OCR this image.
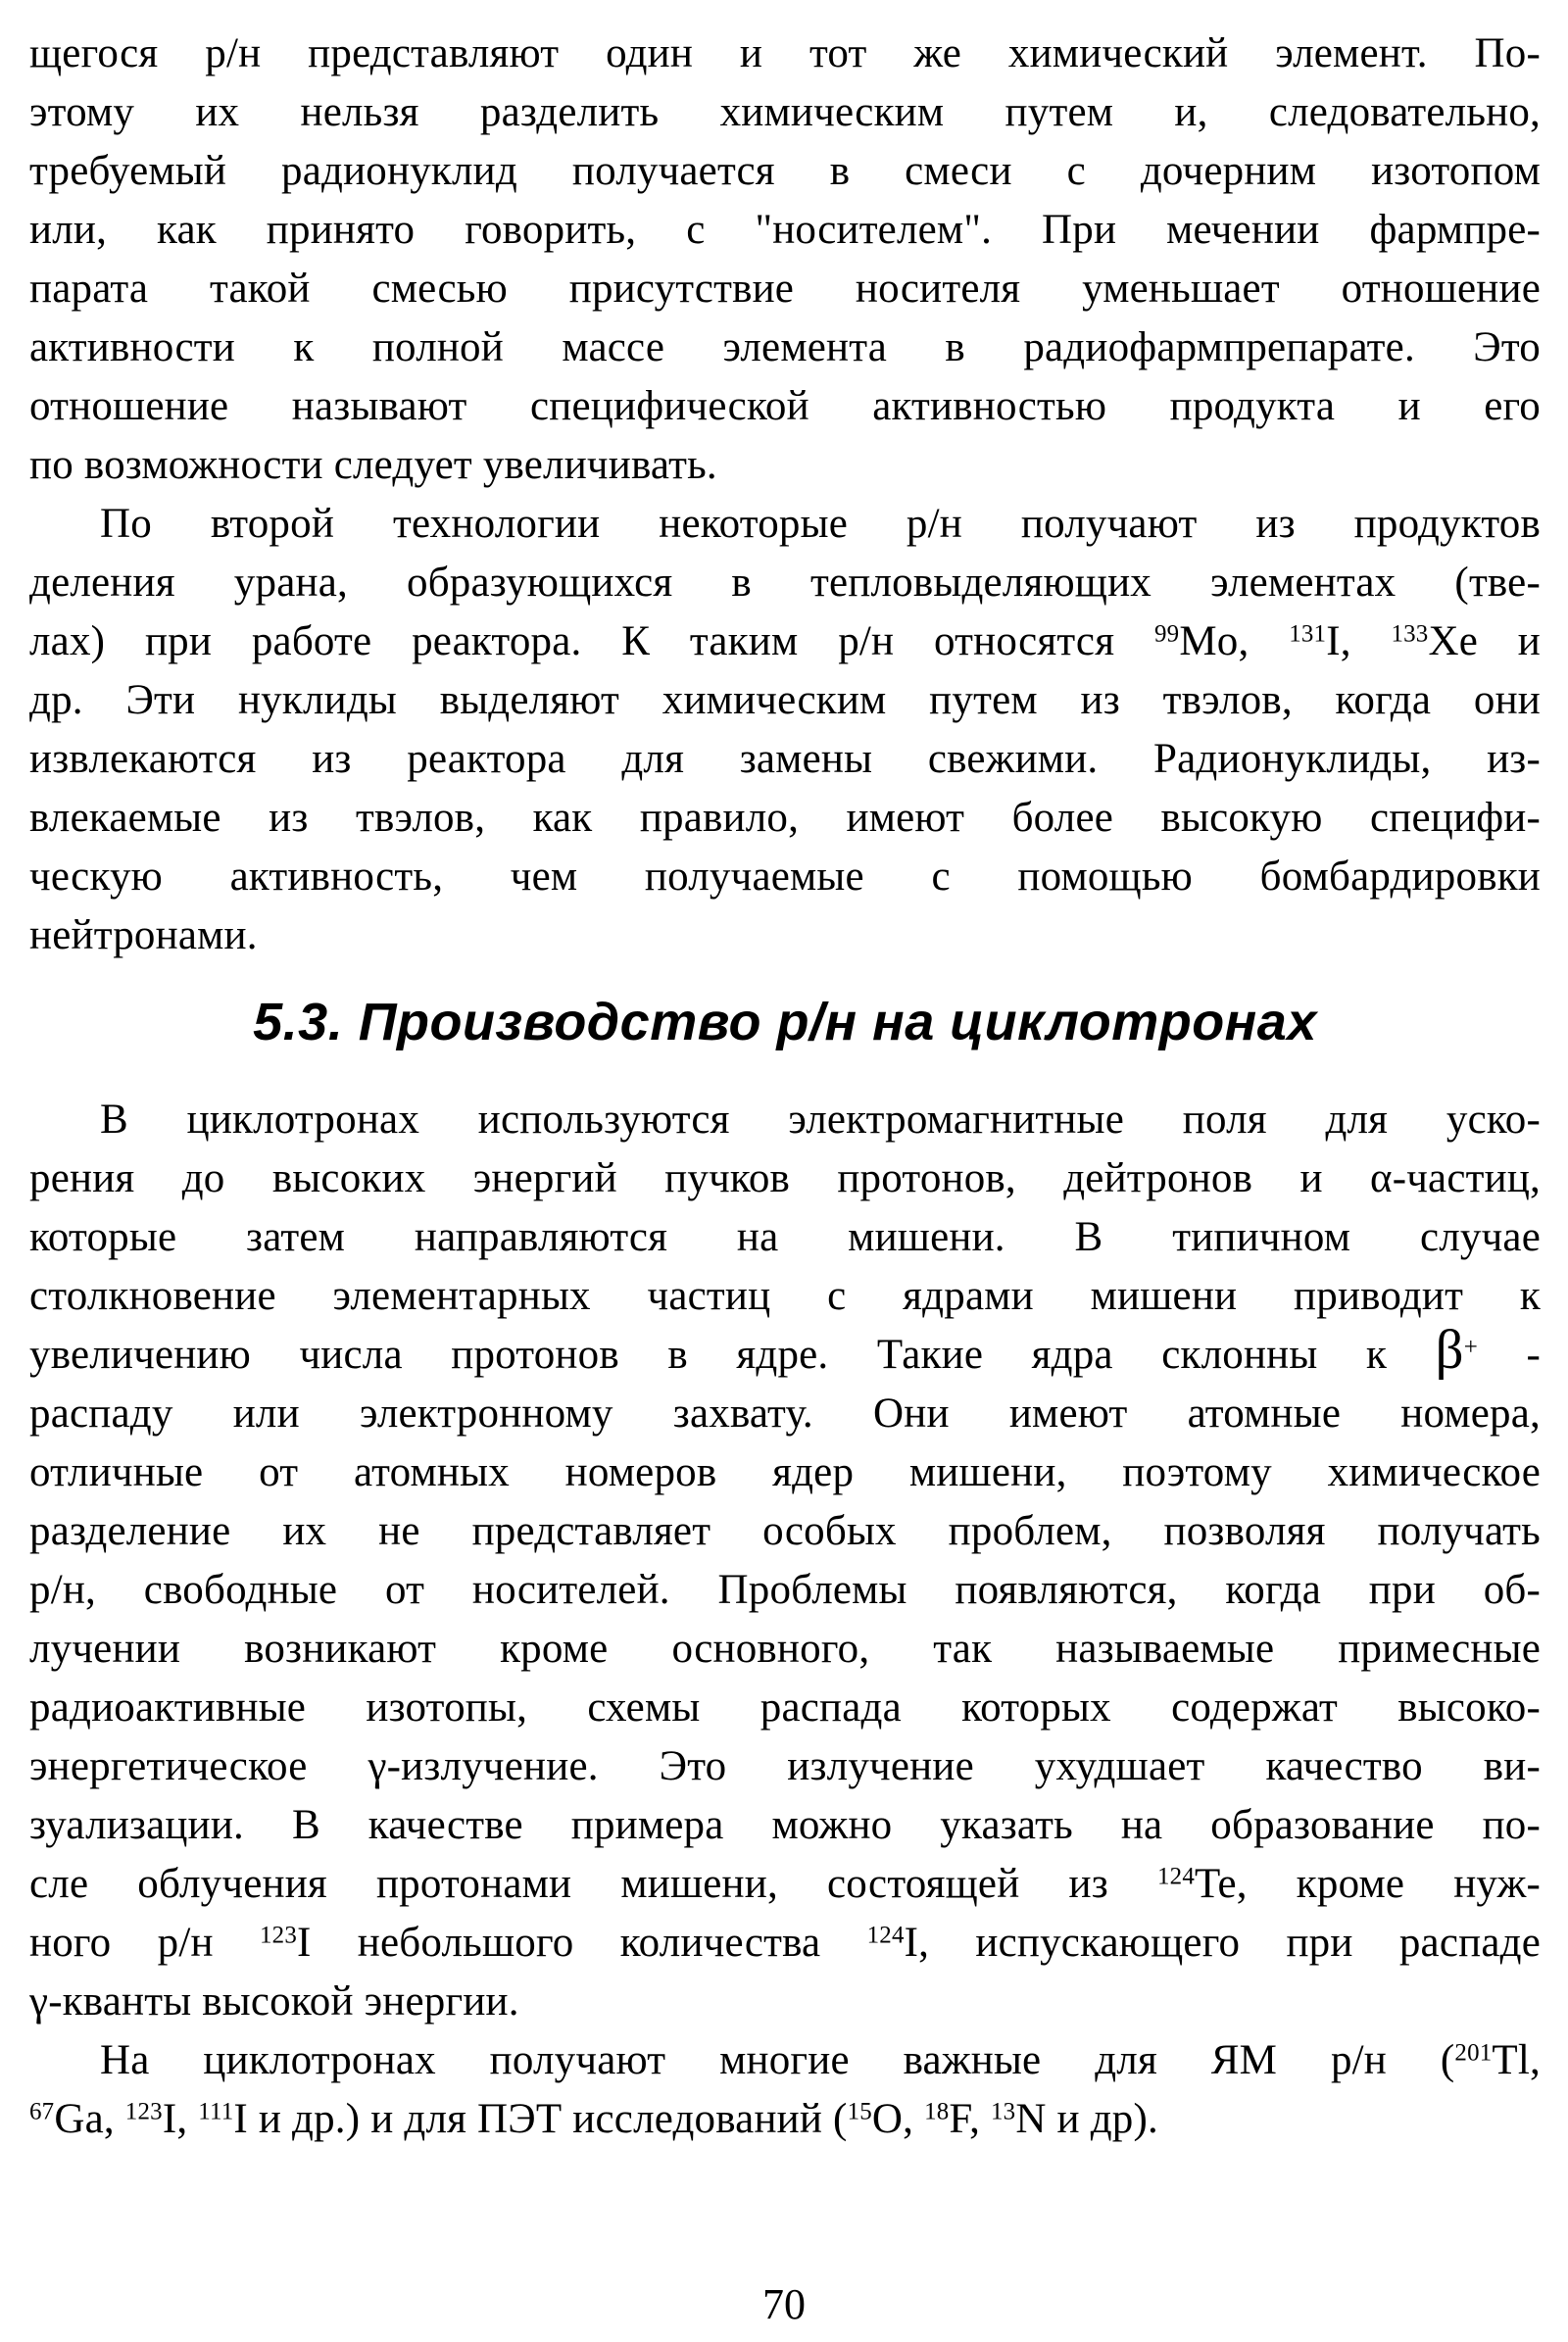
щегося р/н представляют один и тот же химический элемент. По-
этому их нельзя разделить химическим путем и, следовательно,
требуемый радионуклид получается в смеси с дочерним изотопом
или, как принято говорить, с "носителем". При мечении фармпре-
парата такой смесью присутствие носителя уменьшает отношение
активности к полной массе элемента в радиофармпрепарате. Это
отношение называют специфической активностью продукта и его
по возможности следует увеличивать.
По второй технологии некоторые р/н получают из продуктов
деления урана, образующихся в тепловыделяющих элементах (тве-
лах) при работе реактора. К таким р/н относятся $^{99}$Mo, $^{131}$I, $^{133}$Xe и
др. Эти нуклиды выделяют химическим путем из твэлов, когда они
извлекаются из реактора для замены свежими. Радионуклиды, из-
влекаемые из твэлов, как правило, имеют более высокую специфи-
ческую активность, чем получаемые с помощью бомбардировки
нейтронами.
5.3. Производство р/н на циклотронах
В циклотронах используются электромагнитные поля для уско-
рения до высоких энергий пучков протонов, дейтронов и α-частиц,
которые затем направляются на мишени. В типичном случае
столкновение элементарных частиц с ядрами мишени приводит к
увеличению числа протонов в ядре. Такие ядра склонны к β+ -
распаду или электронному захвату. Они имеют атомные номера,
отличные от атомных номеров ядер мишени, поэтому химическое
разделение их не представляет особых проблем, позволяя получать
р/н, свободные от носителей. Проблемы появляются, когда при об-
лучении возникают кроме основного, так называемые примесные
радиоактивные изотопы, схемы распада которых содержат высоко-
энергетическое γ-излучение. Это излучение ухудшает качество ви-
зуализации. В качестве примера можно указать на образование по-
сле облучения протонами мишени, состоящей из $^{124}$Te, кроме нуж-
ного р/н $^{123}$I небольшого количества $^{124}$I, испускающего при распаде
γ-кванты высокой энергии.
На циклотронах получают многие важные для ЯМ р/н ($^{201}$Tl,
$^{67}$Ga, $^{123}$I, $^{111}$I и др.) и для ПЭТ исследований ($^{15}$O, $^{18}$F, $^{13}$N и др).
70
